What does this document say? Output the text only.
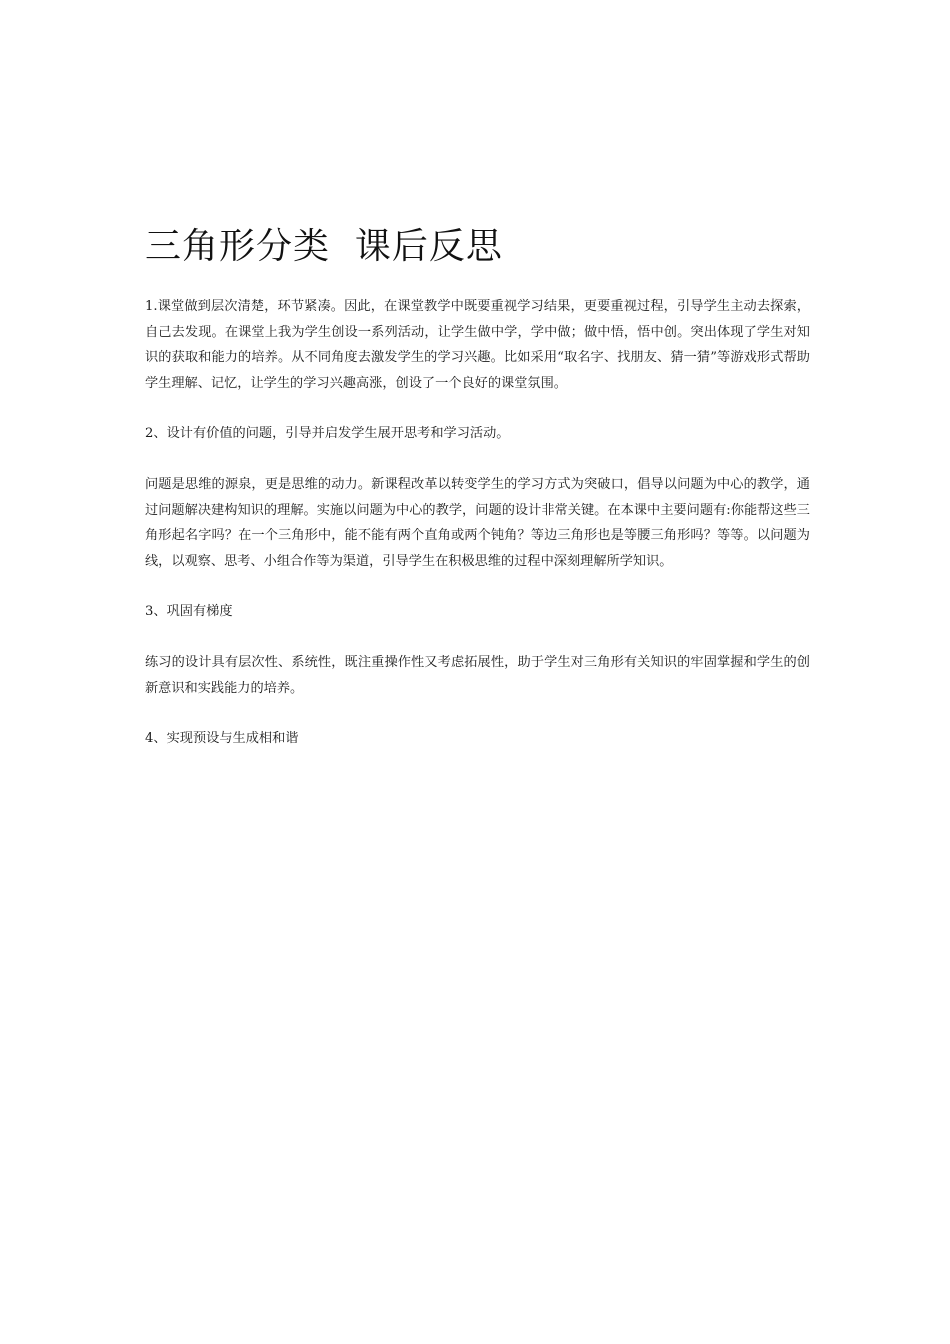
三角形分类  课后反思

1.课堂做到层次清楚，环节紧凑。因此，在课堂教学中既要重视学习结果，更要重视过程，引导学生主动去探索，自己去发现。在课堂上我为学生创设一系列活动，让学生做中学，学中做；做中悟，悟中创。突出体现了学生对知识的获取和能力的培养。从不同角度去激发学生的学习兴趣。比如采用“取名字、找朋友、猜一猜”等游戏形式帮助学生理解、记忆，让学生的学习兴趣高涨，创设了一个良好的课堂氛围。

2、设计有价值的问题，引导并启发学生展开思考和学习活动。

问题是思维的源泉，更是思维的动力。新课程改革以转变学生的学习方式为突破口，倡导以问题为中心的教学，通过问题解决建构知识的理解。实施以问题为中心的教学，问题的设计非常关键。在本课中主要问题有:你能帮这些三角形起名字吗？在一个三角形中，能不能有两个直角或两个钝角？等边三角形也是等腰三角形吗？等等。以问题为线，以观察、思考、小组合作等为渠道，引导学生在积极思维的过程中深刻理解所学知识。

3、巩固有梯度

练习的设计具有层次性、系统性，既注重操作性又考虑拓展性，助于学生对三角形有关知识的牢固掌握和学生的创新意识和实践能力的培养。

4、实现预设与生成相和谐
